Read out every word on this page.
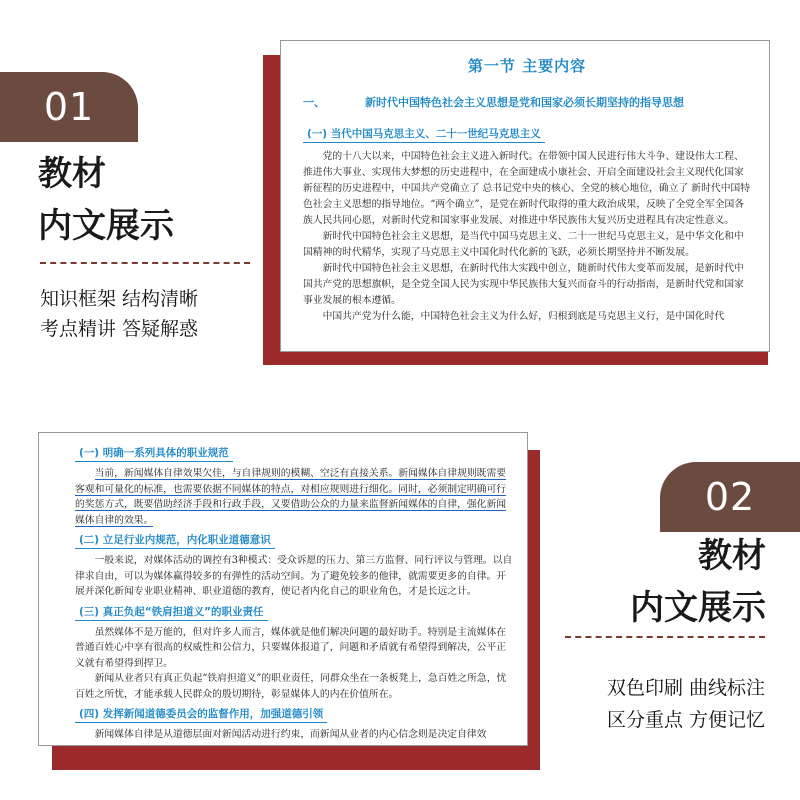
01
教材
内文展示
知识框架 结构清晰
考点精讲 答疑解惑
第一节 主要内容
一、	新时代中国特色社会主义思想是党和国家必须长期坚持的指导思想
(一) 当代中国马克思主义、二十一世纪马克思主义

党的十八大以来，中国特色社会主义进入新时代。在带领中国人民进行伟大斗争、建设伟大工程、推进伟大事业、实现伟大梦想的历史进程中，在全面建成小康社会、开启全面建设社会主义现代化国家新征程的历史进程中，中国共产党确立了 总书记党中央的核心、全党的核心地位，确立了 新时代中国特色社会主义思想的指导地位。“两个确立”，是党在新时代取得的重大政治成果，反映了全党全军全国各族人民共同心愿，对新时代党和国家事业发展、对推进中华民族伟大复兴历史进程具有决定性意义。

新时代中国特色社会主义思想，是当代中国马克思主义、二十一世纪马克思主义，是中华文化和中国精神的时代精华，实现了马克思主义中国化时代化新的飞跃，必须长期坚持并不断发展。

新时代中国特色社会主义思想，在新时代伟大实践中创立，随新时代伟大变革而发展，是新时代中国共产党的思想旗帜，是全党全国人民为实现中华民族伟大复兴而奋斗的行动指南，是新时代党和国家事业发展的根本遵循。

中国共产党为什么能，中国特色社会主义为什么好，归根到底是马克思主义行，是中国化时代

(一) 明确一系列具体的职业规范
当前，新闻媒体自律效果欠佳，与自律规则的模糊、空泛有直接关系。新闻媒体自律规则既需要客观和可量化的标准，也需要依据不同媒体的特点，对相应规则进行细化。同时，必须制定明确可行的奖惩方式，既要借助经济手段和行政手段，又要借助公众的力量来监督新闻媒体的自律，强化新闻媒体自律的效果。
(二) 立足行业内规范，内化职业道德意识
一般来说，对媒体活动的调控有3种模式：受众诉愿的压力、第三方监督、同行评议与管理。以自律求自由，可以为媒体赢得较多的有弹性的活动空间。为了避免较多的他律，就需要更多的自律。开展并深化新闻专业职业精神、职业道德的教育，使记者内化自己的职业角色，才是长远之计。
(三) 真正负起“铁肩担道义”的职业责任
虽然媒体不是万能的，但对许多人而言，媒体就是他们解决问题的最好助手。特别是主流媒体在普通百姓心中享有很高的权威性和公信力，只要媒体报道了，问题和矛盾就有希望得到解决，公平正义就有希望得到捍卫。
新闻从业者只有真正负起“铁肩担道义”的职业责任，同群众坐在一条板凳上，急百姓之所急，忧百姓之所忧，才能承载人民群众的殷切期待，彰显媒体人的内在价值所在。
(四) 发挥新闻道德委员会的监督作用，加强道德引领
新闻媒体自律是从道德层面对新闻活动进行约束，而新闻从业者的内心信念则是决定自律效
02
教材
内文展示
双色印刷 曲线标注
区分重点 方便记忆
